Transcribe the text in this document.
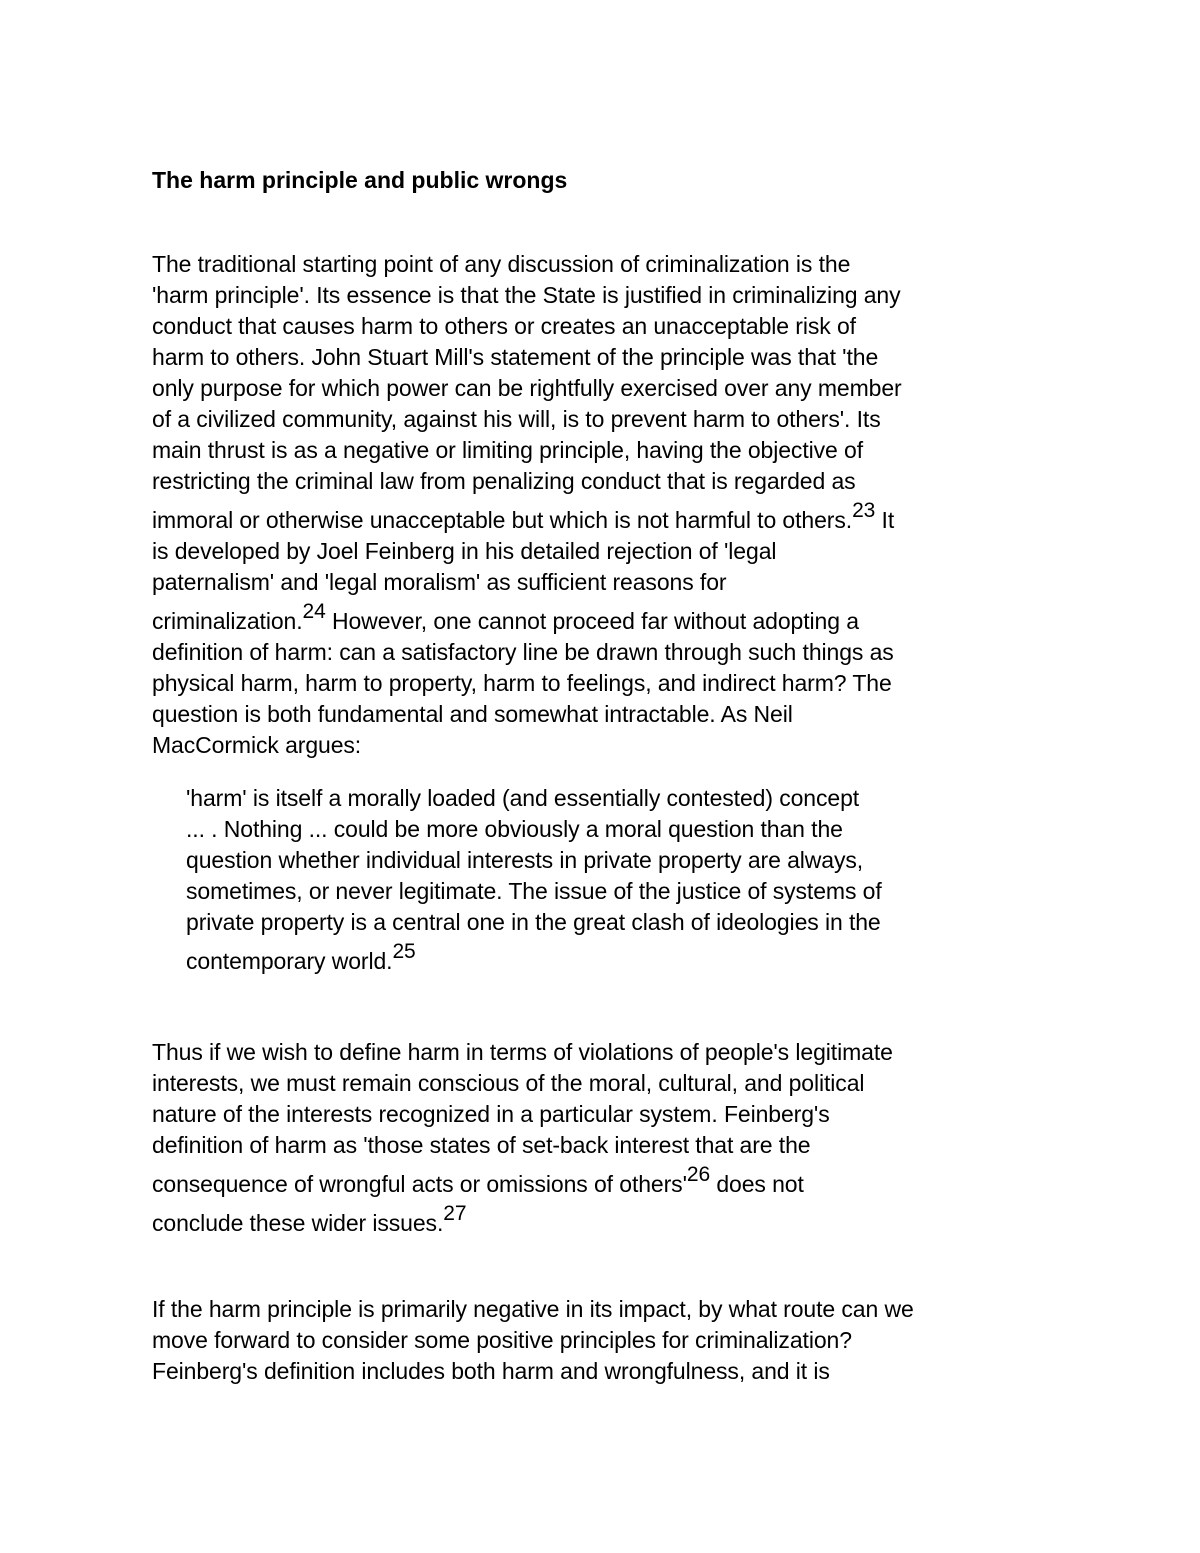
The harm principle and public wrongs
The traditional starting point of any discussion of criminalization is the
'harm principle'. Its essence is that the State is justified in criminalizing any
conduct that causes harm to others or creates an unacceptable risk of
harm to others. John Stuart Mill's statement of the principle was that 'the
only purpose for which power can be rightfully exercised over any member
of a civilized community, against his will, is to prevent harm to others'. Its
main thrust is as a negative or limiting principle, having the objective of
restricting the criminal law from penalizing conduct that is regarded as
immoral or otherwise unacceptable but which is not harmful to others.$^{23}$ It
is developed by Joel Feinberg in his detailed rejection of 'legal
paternalism' and 'legal moralism' as sufficient reasons for
criminalization.$^{24}$ However, one cannot proceed far without adopting a
definition of harm: can a satisfactory line be drawn through such things as
physical harm, harm to property, harm to feelings, and indirect harm? The
question is both fundamental and somewhat intractable. As Neil
MacCormick argues:
'harm' is itself a morally loaded (and essentially contested) concept
... . Nothing ... could be more obviously a moral question than the
question whether individual interests in private property are always,
sometimes, or never legitimate. The issue of the justice of systems of
private property is a central one in the great clash of ideologies in the
contemporary world.$^{25}$
Thus if we wish to define harm in terms of violations of people's legitimate
interests, we must remain conscious of the moral, cultural, and political
nature of the interests recognized in a particular system. Feinberg's
definition of harm as 'those states of set-back interest that are the
consequence of wrongful acts or omissions of $others'^{26}$ does not
conclude these wider issues.$^{27}$
If the harm principle is primarily negative in its impact, by what route can we
move forward to consider some positive principles for criminalization?
Feinberg's definition includes both harm and wrongfulness, and it is
